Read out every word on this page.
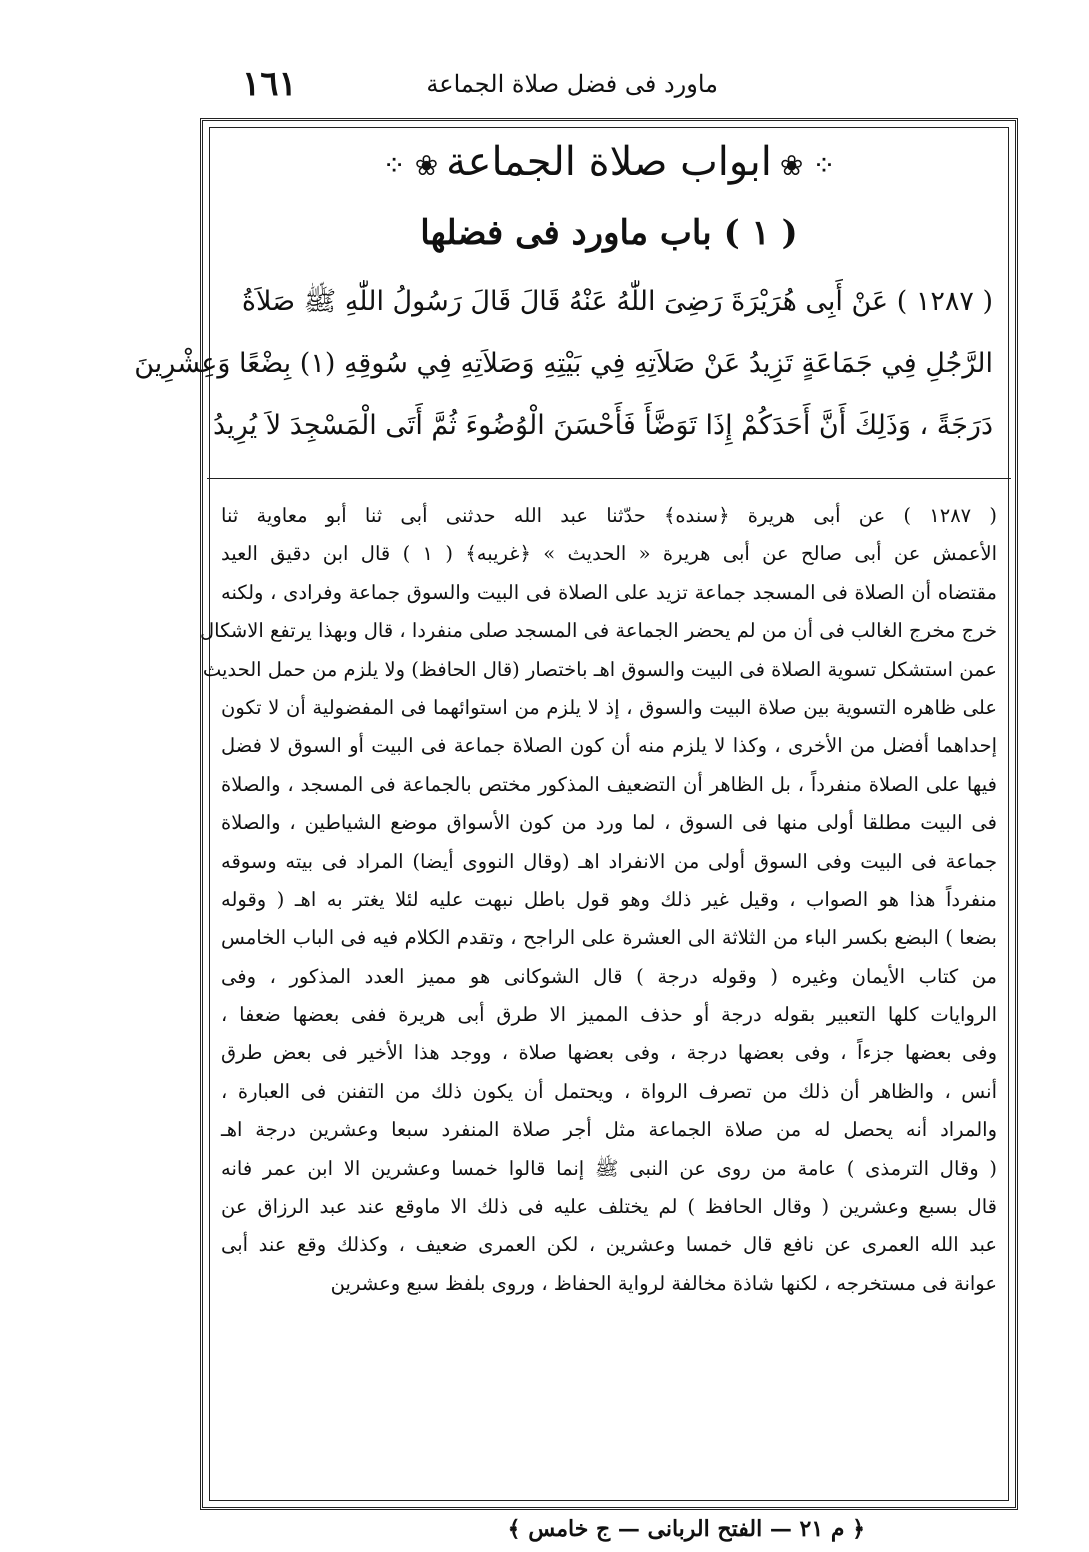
١٦١	ماورد فى فضل صلاة الجماعة
⁘ ❀ابواب صلاة الجماعة❀ ⁘
( ١ ) باب ماورد فى فضلها
( ١٢٨٧ ) عَنْ أَبِى هُرَيْرَةَ رَضِىَ اللّٰهُ عَنْهُ قَالَ قَالَ رَسُولُ اللّٰهِ ﷺ صَلاَةُ
الرَّجُلِ فِي جَمَاعَةٍ تَزِيدُ عَنْ صَلاَتِهِ فِي بَيْتِهِ وَصَلاَتِهِ فِي سُوقِهِ (١) بِضْعًا وَعِشْرِينَ
دَرَجَةً ، وَذَلِكَ أَنَّ أَحَدَكُمْ إِذَا تَوَضَّأَ فَأَحْسَنَ الْوُضُوءَ ثُمَّ أَتَى الْمَسْجِدَ لاَ يُرِيدُ
( ١٢٨٧ ) عن أبى هريرة ﴿سنده﴾ حدّثنا عبد الله حدثنى أبى ثنا أبو معاوية ثنا
الأعمش عن أبى صالح عن أبى هريرة « الحديث » ﴿غريبه﴾ ( ١ ) قال ابن دقيق العيد
مقتضاه أن الصلاة فى المسجد جماعة تزيد على الصلاة فى البيت والسوق جماعة وفرادى ، ولكنه
خرج مخرج الغالب فى أن من لم يحضر الجماعة فى المسجد صلى منفردا ، قال وبهذا يرتفع الاشكال
عمن استشكل تسوية الصلاة فى البيت والسوق اهـ باختصار (قال الحافظ) ولا يلزم من حمل الحديث
على ظاهره التسوية بين صلاة البيت والسوق ، إذ لا يلزم من استوائهما فى المفضولية أن لا تكون
إحداهما أفضل من الأخرى ، وكذا لا يلزم منه أن كون الصلاة جماعة فى البيت أو السوق لا فضل
فيها على الصلاة منفرداً ، بل الظاهر أن التضعيف المذكور مختص بالجماعة فى المسجد ، والصلاة
فى البيت مطلقا أولى منها فى السوق ، لما ورد من كون الأسواق موضع الشياطين ، والصلاة
جماعة فى البيت وفى السوق أولى من الانفراد اهـ (وقال النووى أيضا) المراد فى بيته وسوقه
منفرداً هذا هو الصواب ، وقيل غير ذلك وهو قول باطل نبهت عليه لئلا يغتر به اهـ ( وقوله
بضعا ) البضع بكسر الباء من الثلاثة الى العشرة على الراجح ، وتقدم الكلام فيه فى الباب الخامس
من كتاب الأيمان وغيره ( وقوله درجة ) قال الشوكانى هو مميز العدد المذكور ، وفى
الروايات كلها التعبير بقوله درجة أو حذف المميز الا طرق أبى هريرة ففى بعضها ضعفا ،
وفى بعضها جزءاً ، وفى بعضها درجة ، وفى بعضها صلاة ، ووجد هذا الأخير فى بعض طرق
أنس ، والظاهر أن ذلك من تصرف الرواة ، ويحتمل أن يكون ذلك من التفنن فى العبارة ،
والمراد أنه يحصل له من صلاة الجماعة مثل أجر صلاة المنفرد سبعا وعشرين درجة اهـ
( وقال الترمذى ) عامة من روى عن النبى ﷺ إنما قالوا خمسا وعشرين الا ابن عمر فانه
قال بسبع وعشرين ( وقال الحافظ ) لم يختلف عليه فى ذلك الا ماوقع عند عبد الرزاق عن
عبد الله العمرى عن نافع قال خمسا وعشرين ، لكن العمرى ضعيف ، وكذلك وقع عند أبى
عوانة فى مستخرجه ، لكنها شاذة مخالفة لرواية الحفاظ ، وروى بلفظ سبع وعشرين
﴿ م ٢١ — الفتح الربانى — ج خامس ﴾
